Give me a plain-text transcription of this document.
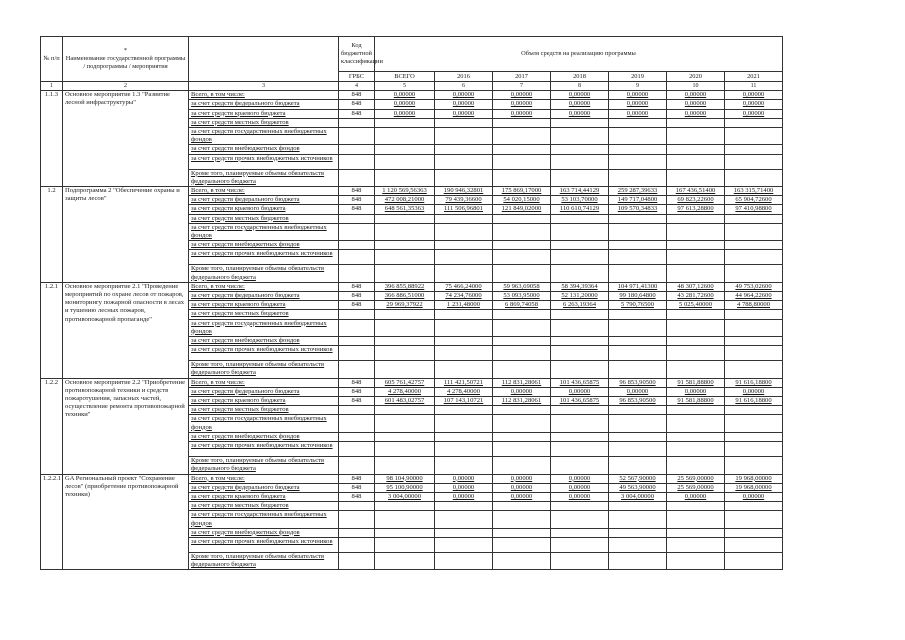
№ п/п	*
Наименование государственной программы / подпрограммы / мероприятия		Код бюджетной классификации	Объем средств на реализацию программы						
			ГРБС	ВСЕГО	2016	2017	2018	2019	2020	2021
1	2	3	4	5	6	7	8	9	10	11
1.1.3	Основное мероприятие 1.3 "Развитие лесной инфраструктуры"	Всего, в том числе:	848	0,00000	0,00000	0,00000	0,00000	0,00000	0,00000	0,00000
		за счет средств федерального бюджета	848	0,00000	0,00000	0,00000	0,00000	0,00000	0,00000	0,00000
		за счет средств краевого бюджета	848	0,00000	0,00000	0,00000	0,00000	0,00000	0,00000	0,00000
		за счет средств местных бюджетов								
		за счет средств государственных внебюджетных фондов								
		за счет средств внебюджетных фондов								
		за счет средств прочих внебюджетных источников								
		Кроме того, планируемые объемы обязательств федерального бюджета								
1.2	Подпрограмма 2 "Обеспечение охраны и защиты лесов"	Всего, в том числе:	848	1 120 569,56363	190 946,32801	175 869,17000	163 714,44129	259 287,39633	167 436,51400	163 315,71400
		за счет средств федерального бюджета	848	472 008,21000	79 439,36600	54 020,15000	53 103,70000	149 717,04800	69 823,22600	65 904,72600
		за счет средств краевого бюджета	848	648 561,35363	111 506,96801	121 849,02000	110 610,74129	109 570,34833	97 613,28800	97 410,98800
		за счет средств местных бюджетов								
		за счет средств государственных внебюджетных фондов								
		за счет средств внебюджетных фондов								
		за счет средств прочих внебюджетных источников								
		Кроме того, планируемые объемы обязательств федерального бюджета								
1.2.1	Основное мероприятие 2.1 "Проведение мероприятий по охране лесов от пожаров, мониторингу пожарной опасности в лесах и тушению лесных пожаров, противопожарной пропаганде"	Всего, в том числе:	848	396 855,88922	75 466,24000	59 963,69058	58 394,39364	104 971,41300	48 307,12600	49 753,02600
		за счет средств федерального бюджета	848	366 886,51000	74 234,76000	53 093,95000	52 131,20000	99 180,64800	43 281,72600	44 964,22600
		за счет средств краевого бюджета	848	29 969,37922	1 231,48000	6 869,74058	6 263,19364	5 790,76500	5 025,40000	4 788,80000
		за счет средств местных бюджетов								
		за счет средств государственных внебюджетных фондов								
		за счет средств внебюджетных фондов								
		за счет средств прочих внебюджетных источников								
		Кроме того, планируемые объемы обязательств федерального бюджета								
1.2.2	Основное мероприятие 2.2 "Приобретение противопожарной техники и средств пожаротушения, запасных частей, осуществление ремонта противопожарной техники"	Всего, в том числе:	848	605 761,42757	111 421,50721	112 831,28061	101 436,65875	96 853,90500	91 581,88800	91 616,18800
		за счет средств федерального бюджета	848	4 278,40000	4 278,40000	0,00000	0,00000	0,00000	0,00000	0,00000
		за счет средств краевого бюджета	848	601 483,02757	107 143,10721	112 831,28061	101 436,65875	96 853,90500	91 581,88800	91 616,18800
		за счет средств местных бюджетов								
		за счет средств государственных внебюджетных фондов								
		за счет средств внебюджетных фондов								
		за счет средств прочих внебюджетных источников								
		Кроме того, планируемые объемы обязательств федерального бюджета								
1.2.2.1	GA Региональный проект "Сохранение лесов" (приобретение противопожарной техники)	Всего, в том числе:	848	98 104,90000	0,00000	0,00000	0,00000	52 567,90000	25 569,00000	19 968,00000
		за счет средств федерального бюджета	848	95 100,90000	0,00000	0,00000	0,00000	49 563,90000	25 569,00000	19 968,00000
		за счет средств краевого бюджета	848	3 004,00000	0,00000	0,00000	0,00000	3 004,00000	0,00000	0,00000
		за счет средств местных бюджетов								
		за счет средств государственных внебюджетных фондов								
		за счет средств внебюджетных фондов								
		за счет средств прочих внебюджетных источников								
		Кроме того, планируемые объемы обязательств федерального бюджета								
